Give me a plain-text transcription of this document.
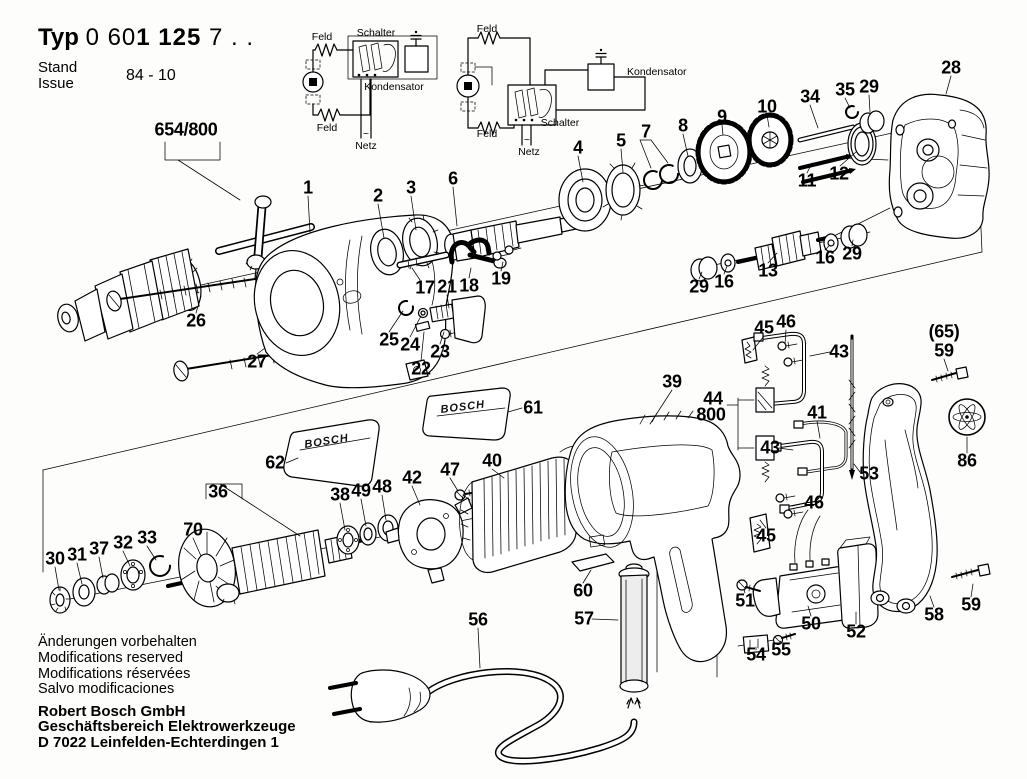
Feld Schalter
Kondensator
Feld ~
Netz
Feld
Kondensator
Schalter
Feld	~
Netz
BOSCH
BOSCH
654/800
1	2 3 6
4 5 7 8 9 10 34 35 29
28
11 12
29 16
13
16 29
26
27
17 21 18 19
25 24
22
23
62
61
36
70
30 31 37 32 33
38 49 48 42 47 40
39
44
800
45 46
43
41
43
53
46
45
(65)
59
86
60
57
56
51
50 52
54 55
58 59
Typ 0 601 125 7 . .
Stand
Issue	84 - 10
Änderungen vorbehalten
Modifications reserved
Modifications réservées
Salvo modificaciones
Robert Bosch GmbH
Geschäftsbereich Elektrowerkzeuge
D 7022 Leinfelden-Echterdingen 1
